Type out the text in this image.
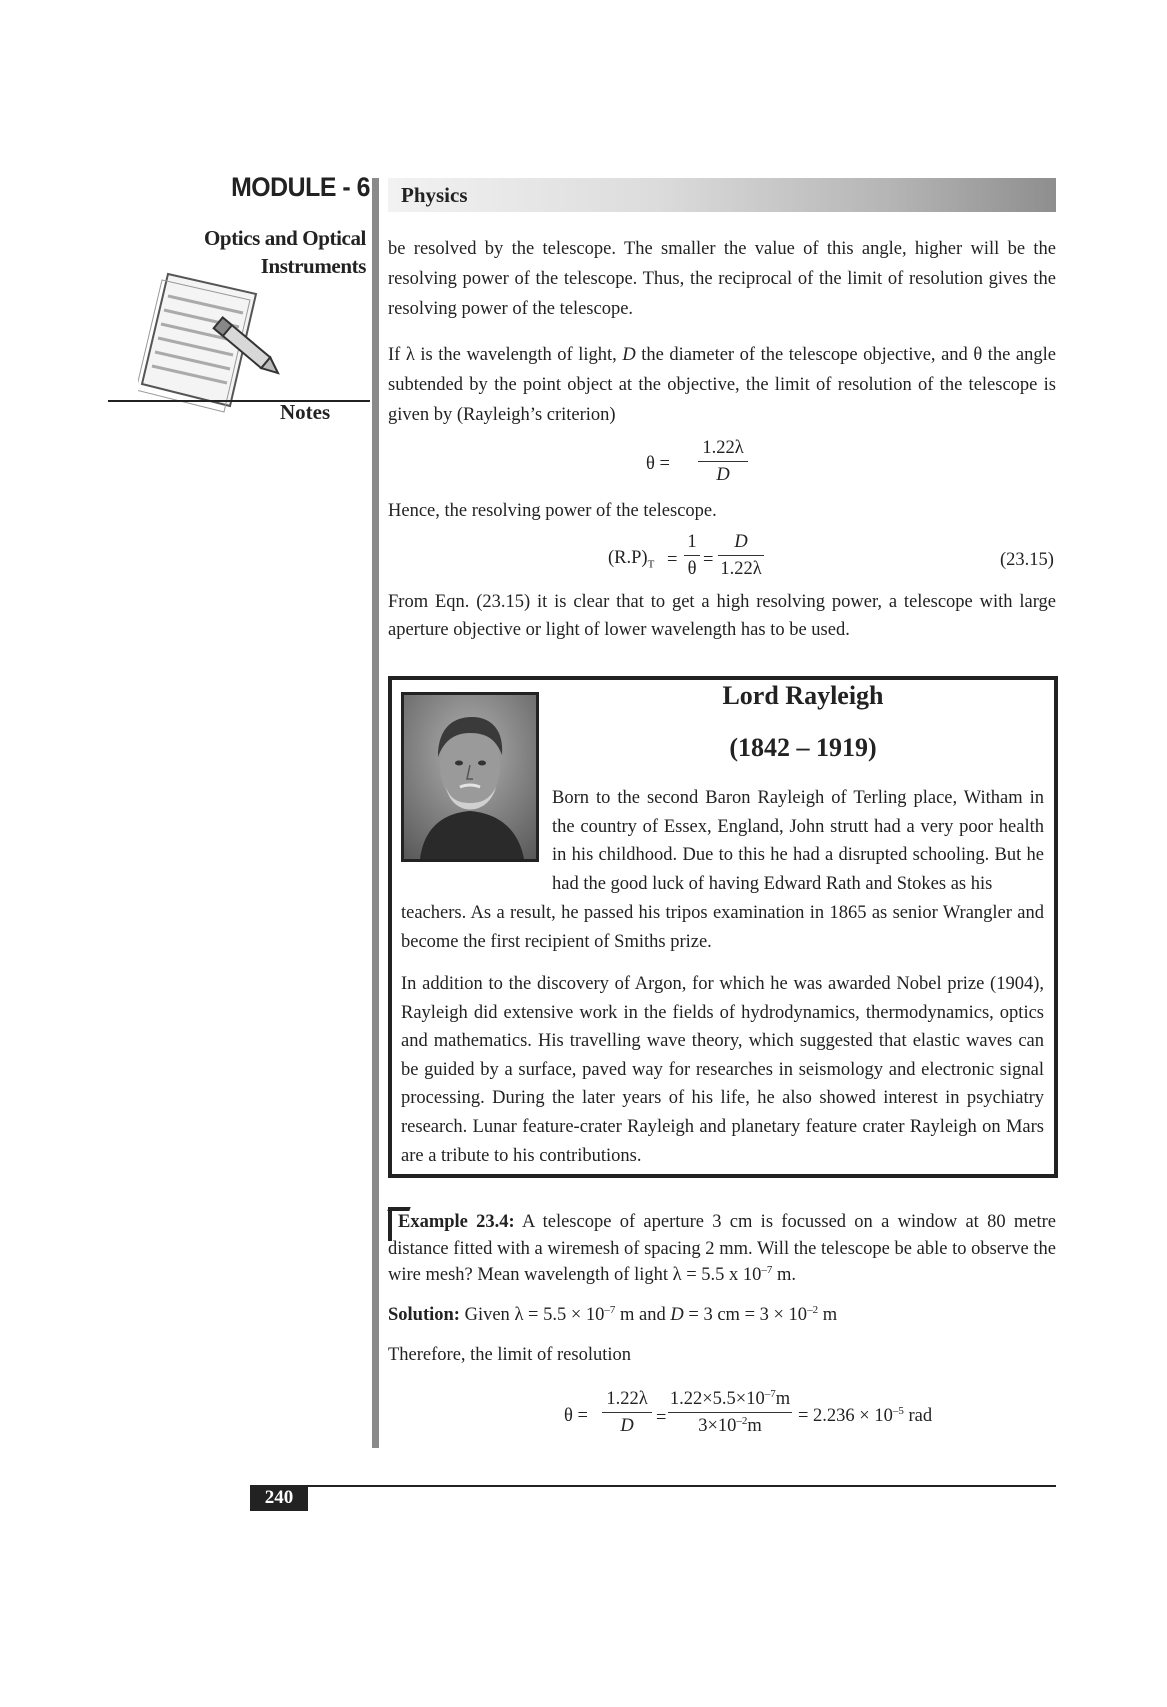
MODULE - 6
Optics and Optical
Instruments
Notes
Physics
be resolved by the telescope. The smaller the value of this angle, higher will be the resolving power of the telescope. Thus, the reciprocal of the limit of resolution gives the resolving power of the telescope.
If λ is the wavelength of light, D the diameter of the telescope objective, and θ the angle subtended by the point object at the objective, the limit of resolution of the telescope is given by (Rayleigh’s criterion)
θ =
1.22λ
D
Hence, the resolving power of the telescope.
$(R.P)_T$ =
1
θ =
D
1.22λ	(23.15)
From Eqn. (23.15) it is clear that to get a high resolving power, a telescope with large aperture objective or light of lower wavelength has to be used.
Lord Rayleigh
(1842 – 1919)
Born to the second Baron Rayleigh of Terling place, Witham in the country of Essex, England, John strutt had a very poor health in his childhood. Due to this he had a disrupted schooling. But he had the good luck of having Edward Rath and Stokes as his
teachers. As a result, he passed his tripos examination in 1865 as senior Wrangler and become the first recipient of Smiths prize.
In addition to the discovery of Argon, for which he was awarded Nobel prize (1904), Rayleigh did extensive work in the fields of hydrodynamics, thermodynamics, optics and mathematics. His travelling wave theory, which suggested that elastic waves can be guided by a surface, paved way for researches in seismology and electronic signal processing. During the later years of his life, he also showed interest in psychiatry research. Lunar feature-crater Rayleigh and planetary feature crater Rayleigh on Mars are a tribute to his contributions.
Example 23.4: A telescope of aperture 3 cm is focussed on a window at 80 metre distance fitted with a wiremesh of spacing 2 mm. Will the telescope be able to observe the wire mesh? Mean wavelength of light λ = 5.5 x $10^{-7}$ m.
Solution: Given $\lambda = 5.5 \times 10^{-7}$ m and D = 3 cm = $3 \times 10^{-2}$ m
Therefore, the limit of resolution
θ =
1.22λ
D	=
$1.22\times 5.5\times 10^{-7}m$
$3\times 10^{-2}m$	= $2.236 \times 10^{-5}$ rad
240
